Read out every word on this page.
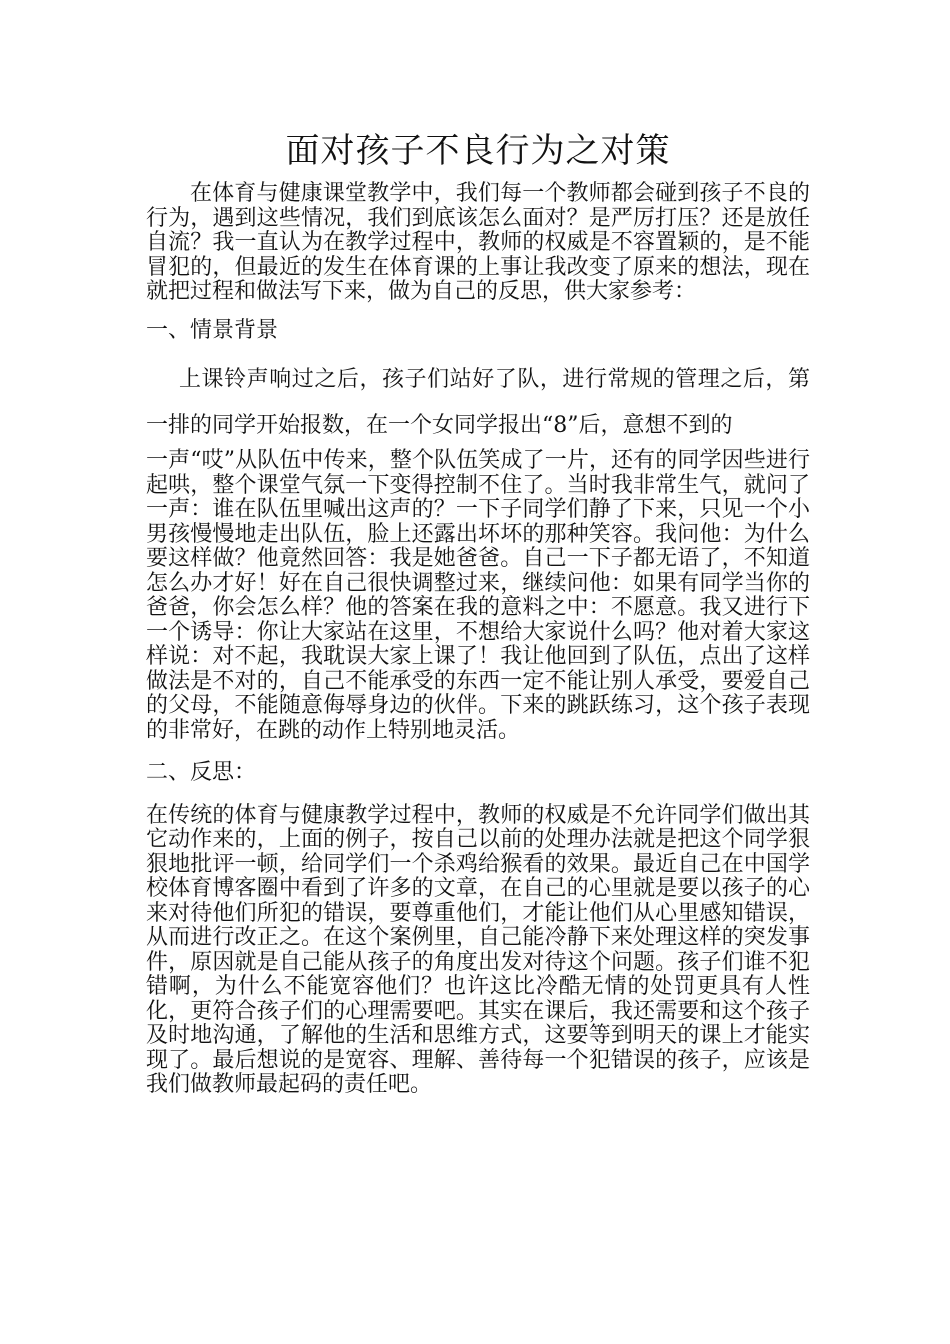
面对孩子不良行为之对策

在体育与健康课堂教学中，我们每一个教师都会碰到孩子不良的行为，遇到这些情况，我们到底该怎么面对？是严厉打压？还是放任自流？我一直认为在教学过程中，教师的权威是不容置颖的，是不能冒犯的，但最近的发生在体育课的上事让我改变了原来的想法，现在就把过程和做法写下来，做为自己的反思，供大家参考：

一、情景背景

上课铃声响过之后，孩子们站好了队，进行常规的管理之后，第一排的同学开始报数，在一个女同学报出“8”后，意想不到的

一声“哎”从队伍中传来，整个队伍笑成了一片，还有的同学因些进行起哄，整个课堂气氛一下变得控制不住了。当时我非常生气，就问了一声：谁在队伍里喊出这声的？一下子同学们静了下来，只见一个小男孩慢慢地走出队伍，脸上还露出坏坏的那种笑容。我问他：为什么要这样做？他竟然回答：我是她爸爸。自己一下子都无语了，不知道怎么办才好！好在自己很快调整过来，继续问他：如果有同学当你的爸爸，你会怎么样？他的答案在我的意料之中：不愿意。我又进行下一个诱导：你让大家站在这里，不想给大家说什么吗？他对着大家这样说：对不起，我耽误大家上课了！我让他回到了队伍，点出了这样做法是不对的，自己不能承受的东西一定不能让别人承受，要爱自己的父母，不能随意侮辱身边的伙伴。下来的跳跃练习，这个孩子表现的非常好，在跳的动作上特别地灵活。

二、反思：

在传统的体育与健康教学过程中，教师的权威是不允许同学们做出其它动作来的，上面的例子，按自己以前的处理办法就是把这个同学狠狠地批评一顿，给同学们一个杀鸡给猴看的效果。最近自己在中国学校体育博客圈中看到了许多的文章，在自己的心里就是要以孩子的心来对待他们所犯的错误，要尊重他们，才能让他们从心里感知错误，从而进行改正之。在这个案例里，自己能冷静下来处理这样的突发事件，原因就是自己能从孩子的角度出发对待这个问题。孩子们谁不犯错啊，为什么不能宽容他们？也许这比冷酷无情的处罚更具有人性化，更符合孩子们的心理需要吧。其实在课后，我还需要和这个孩子及时地沟通，了解他的生活和思维方式，这要等到明天的课上才能实现了。最后想说的是宽容、理解、善待每一个犯错误的孩子，应该是我们做教师最起码的责任吧。
